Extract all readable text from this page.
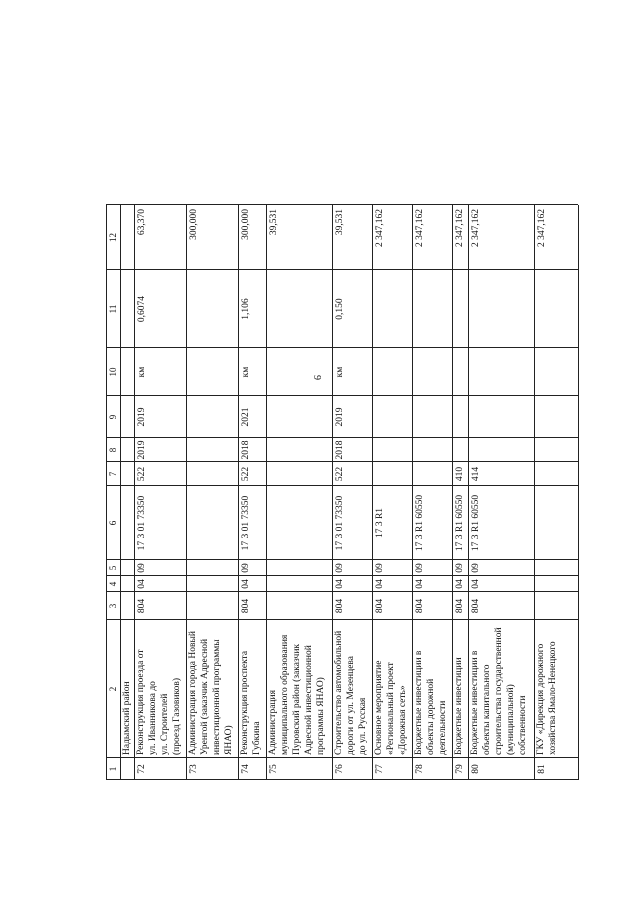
9
1
2
3
4
5
6
7
8
9
10
11
12
Надымский район
72
Реконструкция проезда от ул. Иванникова до ул. Строителей (проезд Газовиков)
804
04
09
17 3 01 73350
522
2019
2019
км
0,6074
63,370
73
Администрация города Новый Уренгой (заказчик Адресной инвестиционной программы ЯНАО)
300,000
74
Реконструкция проспекта Губкина
804
04
09
17 3 01 73350
522
2018
2021
км
1,106
300,000
75
Администрация муниципального образования Пуровский район (заказчик Адресной инвестиционной программы ЯНАО)
39,531
76
Строительство автомобильной дороги от ул. Мезенцева до ул. Русская
804
04
09
17 3 01 73350
522
2018
2019
км
0,150
39,531
77
Основное мероприятие «Региональный проект «Дорожная сеть»
804
04
09
17 3 R1
2 347,162
78
Бюджетные инвестиции в объекты дорожной деятельности
804
04
09
17 3 R1 60550
2 347,162
79
Бюджетные инвестиции
804
04
09
17 3 R1 60550
410
2 347,162
80
Бюджетные инвестиции в объекты капитального строительства государственной (муниципальной) собственности
804
04
09
17 3 R1 60550
414
2 347,162
81
ГКУ «Дирекция дорожного хозяйства Ямало-Ненецкого
2 347,162
